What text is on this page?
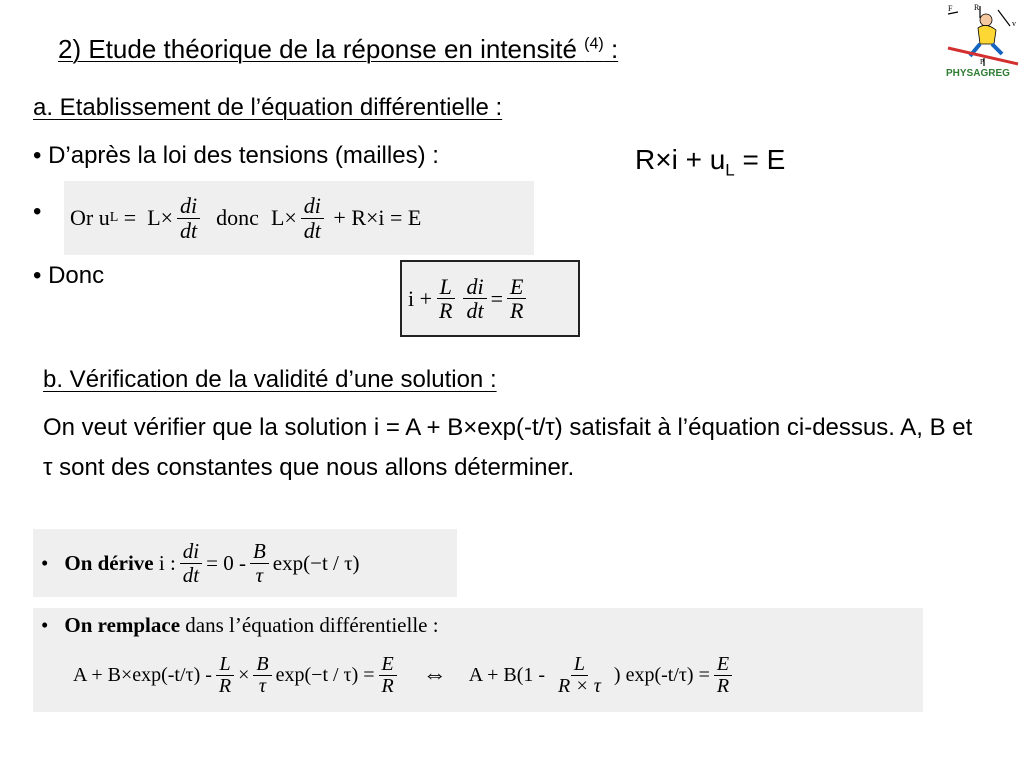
2) Etude théorique de la réponse en intensité $^{(4)}$ :
F	R
v
P
PHYSAGREG
a. Etablissement de l’équation différentielle :
• D’après la loi des tensions (mailles) :	$R\times i + u_L = E$
• Or u $L = L\times \frac{di}{dt}$ donc $L\times \frac{di}{dt} + R\times i = E$
• Donc
$i + \frac{L}{R} \frac{di}{dt} = \frac{E}{R}$
b. Vérification de la validité d’une solution :
On veut vérifier que la solution i = A + B×exp(-t/τ) satisfait à l’équation ci-dessus. A, B et τ sont des constantes que nous allons déterminer.
• On dérive i : $\frac{di}{dt} = 0 - \frac{B}{\tau} \exp(-t / \tau)$
• On remplace dans l’équation différentielle :
$A + B\times\exp(-t/\tau) - \frac{L}{R} \times \frac{B}{\tau} \exp(-t / \tau) = \frac{E}{R}$ ⇔ $A + B(1 - \frac{L}{R \times \tau}$ ) $\exp(-t/\tau) = \frac{E}{R}$
